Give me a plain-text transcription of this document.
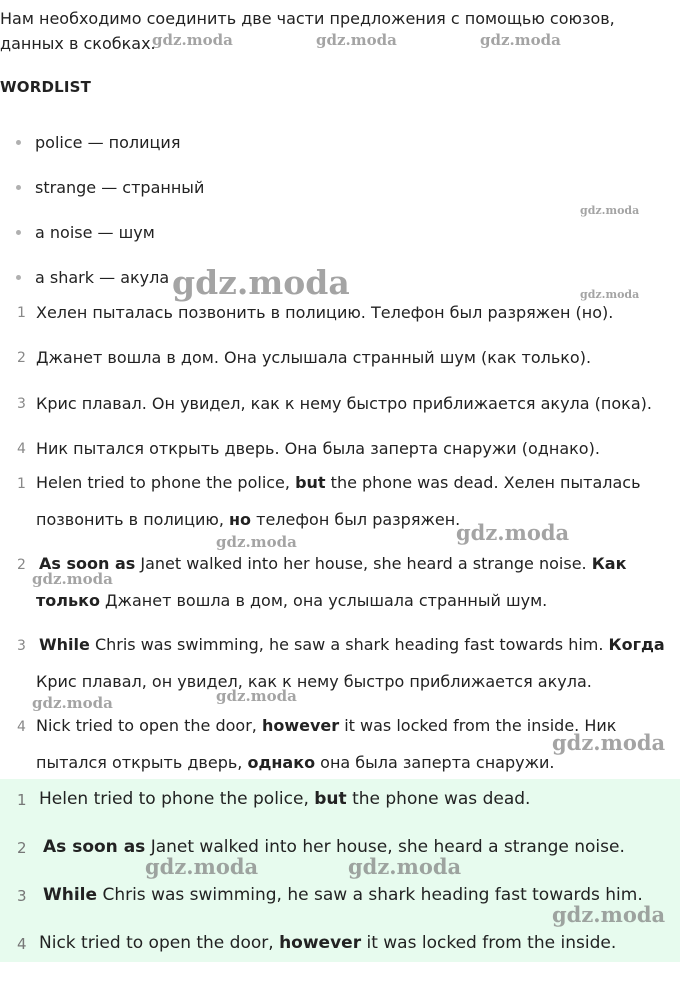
Нам необходимо соединить две части предложения с помощью союзов,
данных в скобках.
WORDLIST
police — полиция
strange — странный
a noise — шум
a shark — акула
1 Хелен пыталась позвонить в полицию. Телефон был разряжен (но).
2 Джанет вошла в дом. Она услышала странный шум (как только).
3 Крис плавал. Он увидел, как к нему быстро приближается акула (пока).
4 Ник пытался открыть дверь. Она была заперта снаружи (однако).
1 Helen tried to phone the police, but the phone was dead. Хелен пыталась
позвонить в полицию, но телефон был разряжен.
2 As soon as Janet walked into her house, she heard a strange noise. Как
только Джанет вошла в дом, она услышала странный шум.
3 While Chris was swimming, he saw a shark heading fast towards him. Когда
Крис плавал, он увидел, как к нему быстро приближается акула.
4 Nick tried to open the door, however it was locked from the inside. Ник
пытался открыть дверь, однако она была заперта снаружи.
1 Helen tried to phone the police, but the phone was dead.
2 As soon as Janet walked into her house, she heard a strange noise.
3 While Chris was swimming, he saw a shark heading fast towards him.
4 Nick tried to open the door, however it was locked from the inside.
gdz.moda	gdz.moda	gdz.moda
gdz.moda
gdz.moda	gdz.moda
gdz.moda
gdz.moda
gdz.moda
gdz.moda
gdz.moda
gdz.moda
gdz.moda	gdz.moda
gdz.moda
